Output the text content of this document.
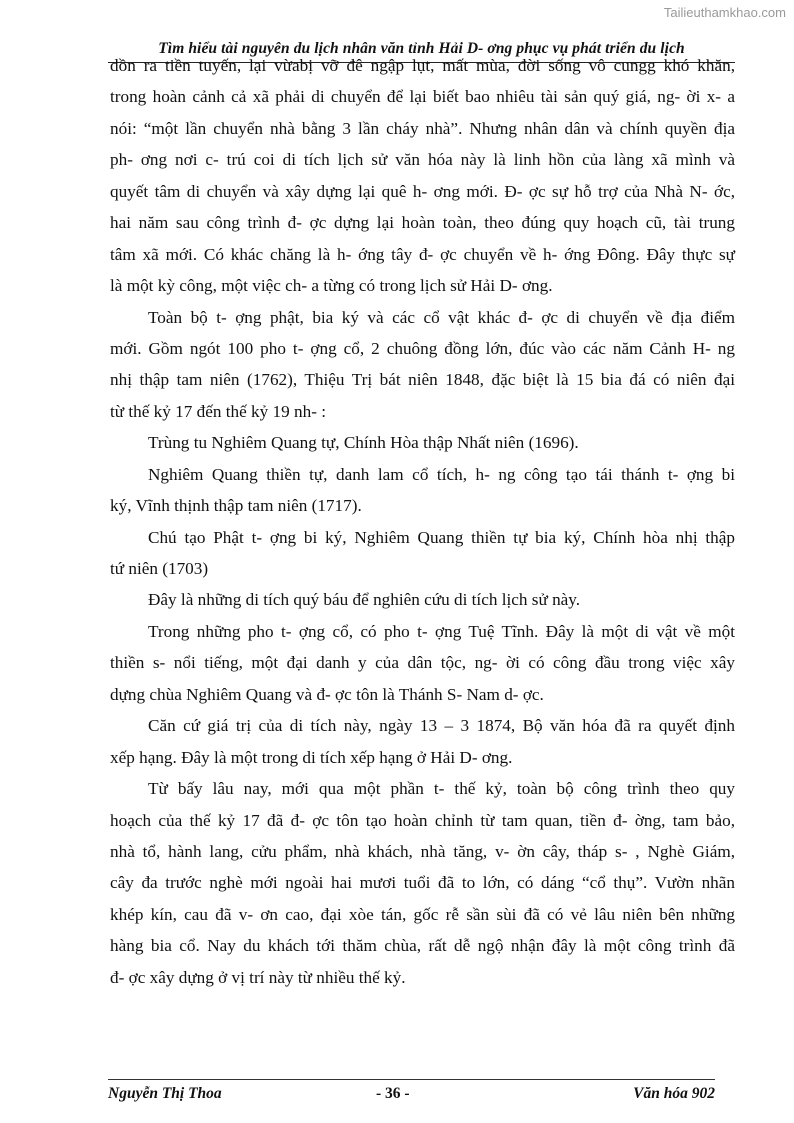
Tailieuthamkhao.com
Tìm hiểu tài nguyên du lịch nhân văn tỉnh Hải D- ơng phục vụ phát triển du lịch
dồn ra tiền tuyến, lại vừabị vỡ đê ngập lụt, mất mùa, đời sống vô cungg khó khăn,
trong hoàn cảnh cả xã phải di chuyển để lại biết bao nhiêu tài sản quý giá, ng- ời x- a
nói: “một lần chuyển nhà bằng 3 lần cháy nhà”. Nhưng nhân dân và chính quyền địa
ph- ơng nơi c- trú coi di tích lịch sử văn hóa này là linh hồn của làng xã mình và
quyết tâm di chuyển và xây dựng lại quê h- ơng mới. Đ- ợc sự hỗ trợ của Nhà N- ớc,
hai năm sau công trình đ- ợc dựng lại hoàn toàn, theo đúng quy hoạch cũ, tài trung
tâm xã mới. Có khác chăng là h- ớng tây đ- ợc chuyển về h- ớng Đông. Đây thực sự
là một kỳ công, một việc ch- a từng có trong lịch sử Hải D- ơng.
Toàn bộ t- ợng phật, bia ký và các cổ vật khác đ- ợc di chuyển về địa điểm
mới. Gồm ngót 100 pho t- ợng cổ, 2 chuông đồng lớn, đúc vào các năm Cảnh H- ng
nhị thập tam niên (1762), Thiệu Trị bát niên 1848, đặc biệt là 15 bia đá có niên đại
từ thế kỷ 17 đến thế kỷ 19 nh- :
Trùng tu Nghiêm Quang tự, Chính Hòa thập Nhất niên (1696).
Nghiêm Quang thiền tự, danh lam cổ tích, h- ng công tạo tái thánh t- ợng bi
ký, Vĩnh thịnh thập tam niên (1717).
Chú tạo Phật t- ợng bi ký, Nghiêm Quang thiền tự bia ký, Chính hòa nhị thập
tứ niên (1703)
Đây là những di tích quý báu để nghiên cứu di tích lịch sử này.
Trong những pho t- ợng cổ, có pho t- ợng Tuệ Tĩnh. Đây là một di vật về một
thiền s- nổi tiếng, một đại danh y của dân tộc, ng- ời có công đầu trong việc xây
dựng chùa Nghiêm Quang và đ- ợc tôn là Thánh S- Nam d- ợc.
Căn cứ giá trị của di tích này, ngày 13 – 3 1874, Bộ văn hóa đã ra quyết định
xếp hạng. Đây là một trong di tích xếp hạng ở Hải D- ơng.
Từ bấy lâu nay, mới qua một phần t- thế kỷ, toàn bộ công trình theo quy
hoạch của thế kỷ 17 đã đ- ợc tôn tạo hoàn chỉnh từ tam quan, tiền đ- ờng, tam bảo,
nhà tổ, hành lang, cửu phẩm, nhà khách, nhà tăng, v- ờn cây, tháp s- , Nghè Giám,
cây đa trước nghè mới ngoài hai mươi tuổi đã to lớn, có dáng “cổ thụ”. Vườn nhãn
khép kín, cau đã v- ơn cao, đại xòe tán, gốc rễ sần sùi đã có vẻ lâu niên bên những
hàng bia cổ. Nay du khách tới thăm chùa, rất dễ ngộ nhận đây là một công trình đã
đ- ợc xây dựng ở vị trí này từ nhiều thế kỷ.
Nguyễn Thị Thoa	- 36 -	Văn hóa 902
